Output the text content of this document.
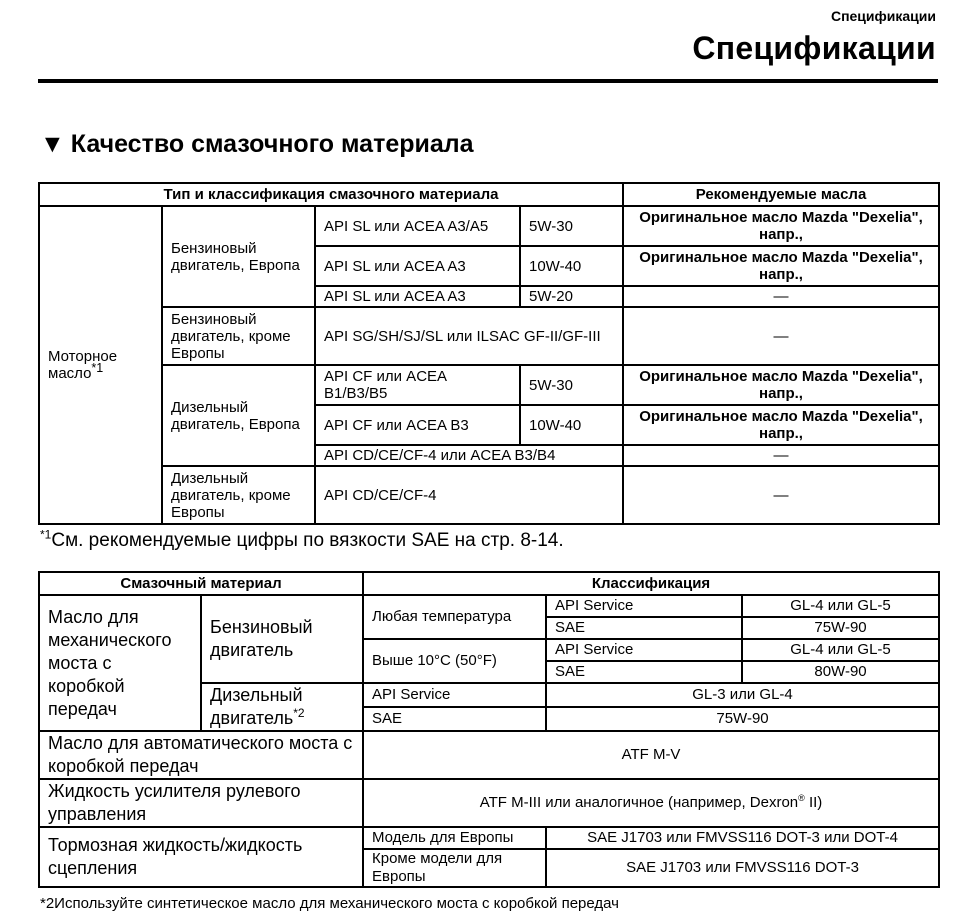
Спецификации
Спецификации
▼ Качество смазочного материала
Тип и классификация смазочного материала				Рекомендуемые масла
Моторное масло$^{*1}$	Бензиновый двигатель, Европа	API SL или ACEA A3/A5	5W-30	Оригинальное масло Mazda "Dexelia", напр.,
		API SL или ACEA A3	10W-40	Оригинальное масло Mazda "Dexelia", напр.,
		API SL или ACEA A3	5W-20	—
	Бензиновый двигатель, кроме Европы	API SG/SH/SJ/SL или ILSAC GF-II/GF-III		—
	Дизельный двигатель, Европа	API CF или ACEA B1/B3/B5	5W-30	Оригинальное масло Mazda "Dexelia", напр.,
		API CF или ACEA B3	10W-40	Оригинальное масло Mazda "Dexelia", напр.,
		API CD/CE/CF-4 или ACEA B3/B4		—
	Дизельный двигатель, кроме Европы	API CD/CE/CF-4		—
$^{*1}$См. рекомендуемые цифры по вязкости SAE на стр. 8-14.
Смазочный материал		Классификация		
Масло для механического моста с коробкой передач	Бензиновый двигатель	Любая температура	API Service	GL-4 или GL-5
			SAE	75W-90
		Выше 10°C (50°F)	API Service	GL-4 или GL-5
			SAE	80W-90
	Дизельный двигатель$^{*2}$	API Service	GL-3 или GL-4	
		SAE	75W-90	
Масло для автоматического моста с коробкой передач		ATF M-V		
Жидкость усилителя рулевого управления		ATF M-III или аналогичное (например, Dexron® II)		
Тормозная жидкость/жидкость сцепления		Модель для Европы	SAE J1703 или FMVSS116 DOT-3 или DOT-4	
		Кроме модели для Европы	SAE J1703 или FMVSS116 DOT-3	
*2Используйте синтетическое масло для механического моста с коробкой передач
